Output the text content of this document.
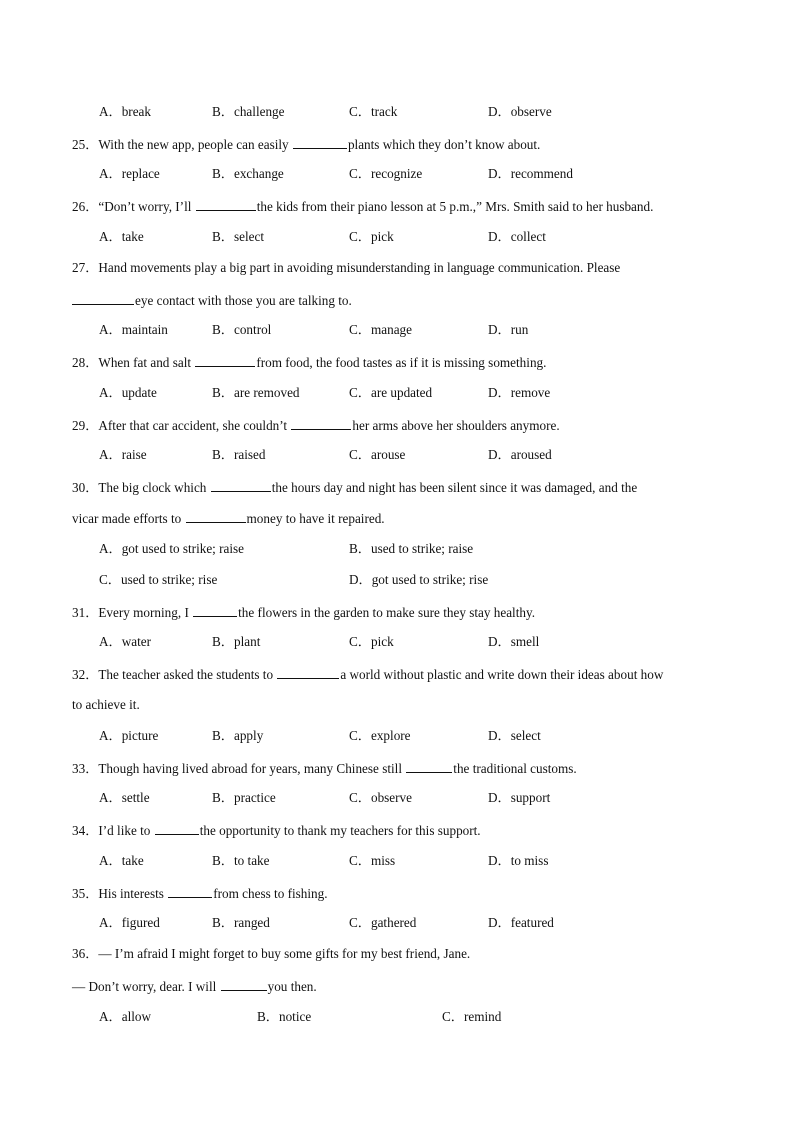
A．break	B．challenge	C．track	D．observe
25．With the new app, people can easily	plants which they don’t know about.
A．replace	B．exchange	C．recognize	D．recommend
26．“Don’t worry, I’ll	the kids from their piano lesson at 5 p.m.,” Mrs. Smith said to her husband.
A．take	B．select	C．pick	D．collect
27．Hand movements play a big part in avoiding misunderstanding in language communication. Please
eye contact with those you are talking to.
A．maintain	B．control	C．manage	D．run
28．When fat and salt	from food, the food tastes as if it is missing something.
A．update	B．are removed	C．are updated	D．remove
29．After that car accident, she couldn’t	her arms above her shoulders anymore.
A．raise	B．raised	C．arouse	D．aroused
30．The big clock which	the hours day and night has been silent since it was damaged, and the
vicar made efforts to	money to have it repaired.
A．got used to strike; raise	B．used to strike; raise
C．used to strike; rise	D．got used to strike; rise
31．Every morning, I	the flowers in the garden to make sure they stay healthy.
A．water	B．plant	C．pick	D．smell
32．The teacher asked the students to	a world without plastic and write down their ideas about how
to achieve it.
A．picture	B．apply	C．explore	D．select
33．Though having lived abroad for years, many Chinese still	the traditional customs.
A．settle	B．practice	C．observe	D．support
34．I’d like to	the opportunity to thank my teachers for this support.
A．take	B．to take	C．miss	D．to miss
35．His interests	from chess to fishing.
A．figured	B．ranged	C．gathered	D．featured
36．— I’m afraid I might forget to buy some gifts for my best friend, Jane.
— Don’t worry, dear. I will	you then.
A．allow	B．notice	C．remind
